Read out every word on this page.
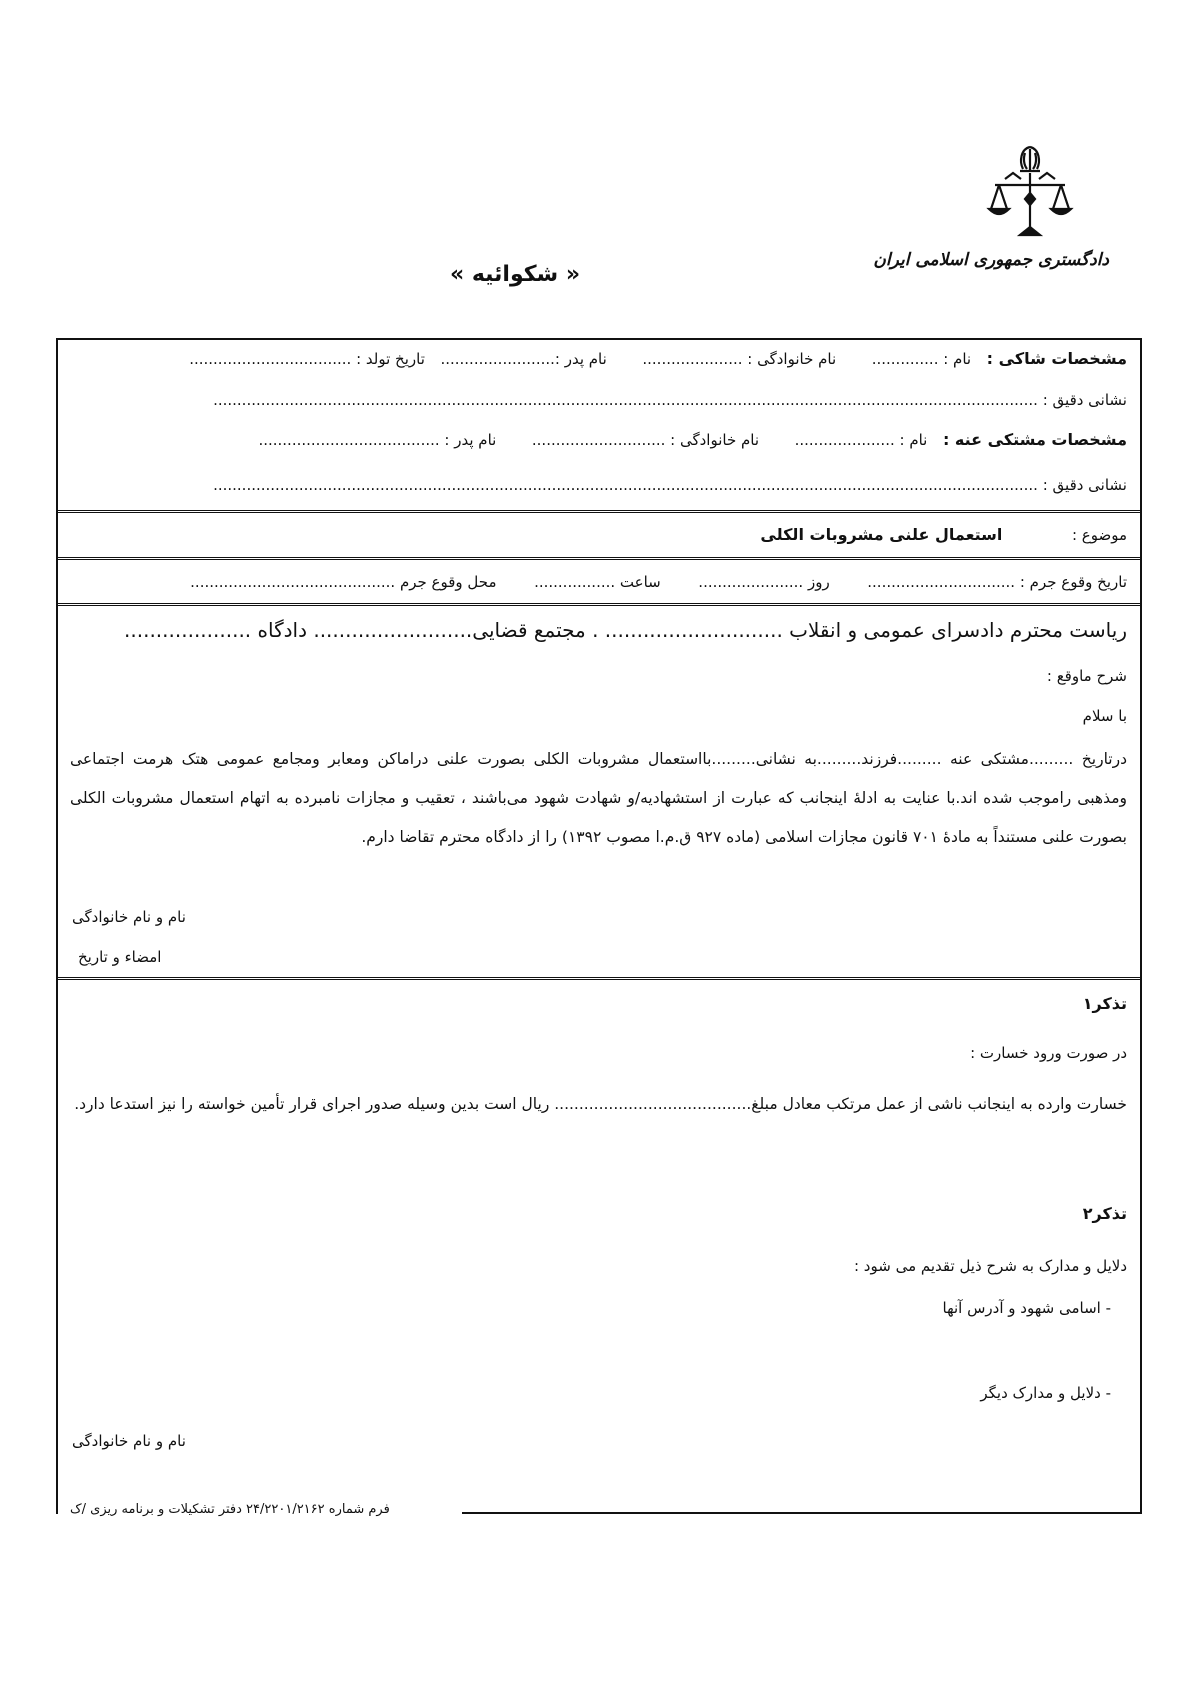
دادگستری جمهوری اسلامی ایران
« شکوائیه »
مشخصات شاکی :  نام : ..............  نام خانوادگی : .....................  نام پدر :........................  تاریخ تولد : ..................................
نشانی دقیق : .............................................................................................................................................................................
مشخصات مشتکی عنه :  نام : .....................  نام خانوادگی : ............................  نام پدر : ......................................
نشانی دقیق : .............................................................................................................................................................................
موضوع :  استعمال علنی مشروبات الکلی
تاریخ وقوع جرم : ...............................  روز ......................  ساعت .................  محل وقوع جرم ...........................................
ریاست محترم دادسرای عمومی و انقلاب ............................ . مجتمع قضایی......................... دادگاه ....................
شرح ماوقع :
با سلام
درتاریخ .........مشتکی عنه .........فرزند.........به نشانی.........بااستعمال مشروبات الکلی بصورت علنی دراماکن ومعابر ومجامع عمومی هتک هرمت اجتماعی ومذهبی راموجب شده اند.با عنایت به ادلهٔ اینجانب که عبارت از استشهادیه/و شهادت شهود می‌باشند ، تعقیب و مجازات نامبرده به اتهام استعمال مشروبات الکلی بصورت علنی مستنداً به مادهٔ ۷۰۱ قانون مجازات اسلامی (ماده ۹۲۷ ق.م.ا مصوب ۱۳۹۲) را از دادگاه محترم تقاضا دارم.
نام و نام خانوادگی
امضاء و تاریخ
تذکر۱
در صورت ورود خسارت :
خسارت وارده به اینجانب ناشی از عمل مرتکب معادل مبلغ........................................ ریال است بدین وسیله صدور اجرای قرار تأمین خواسته را نیز استدعا دارد.
تذکر۲
دلایل و مدارک به شرح ذیل تقدیم می شود :
- اسامی شهود و آدرس آنها
- دلایل و مدارک دیگر
نام و نام خانوادگی
فرم شماره ۲۴/۲۲۰۱/۲۱۶۲ دفتر تشکیلات و برنامه ریزی /ک
